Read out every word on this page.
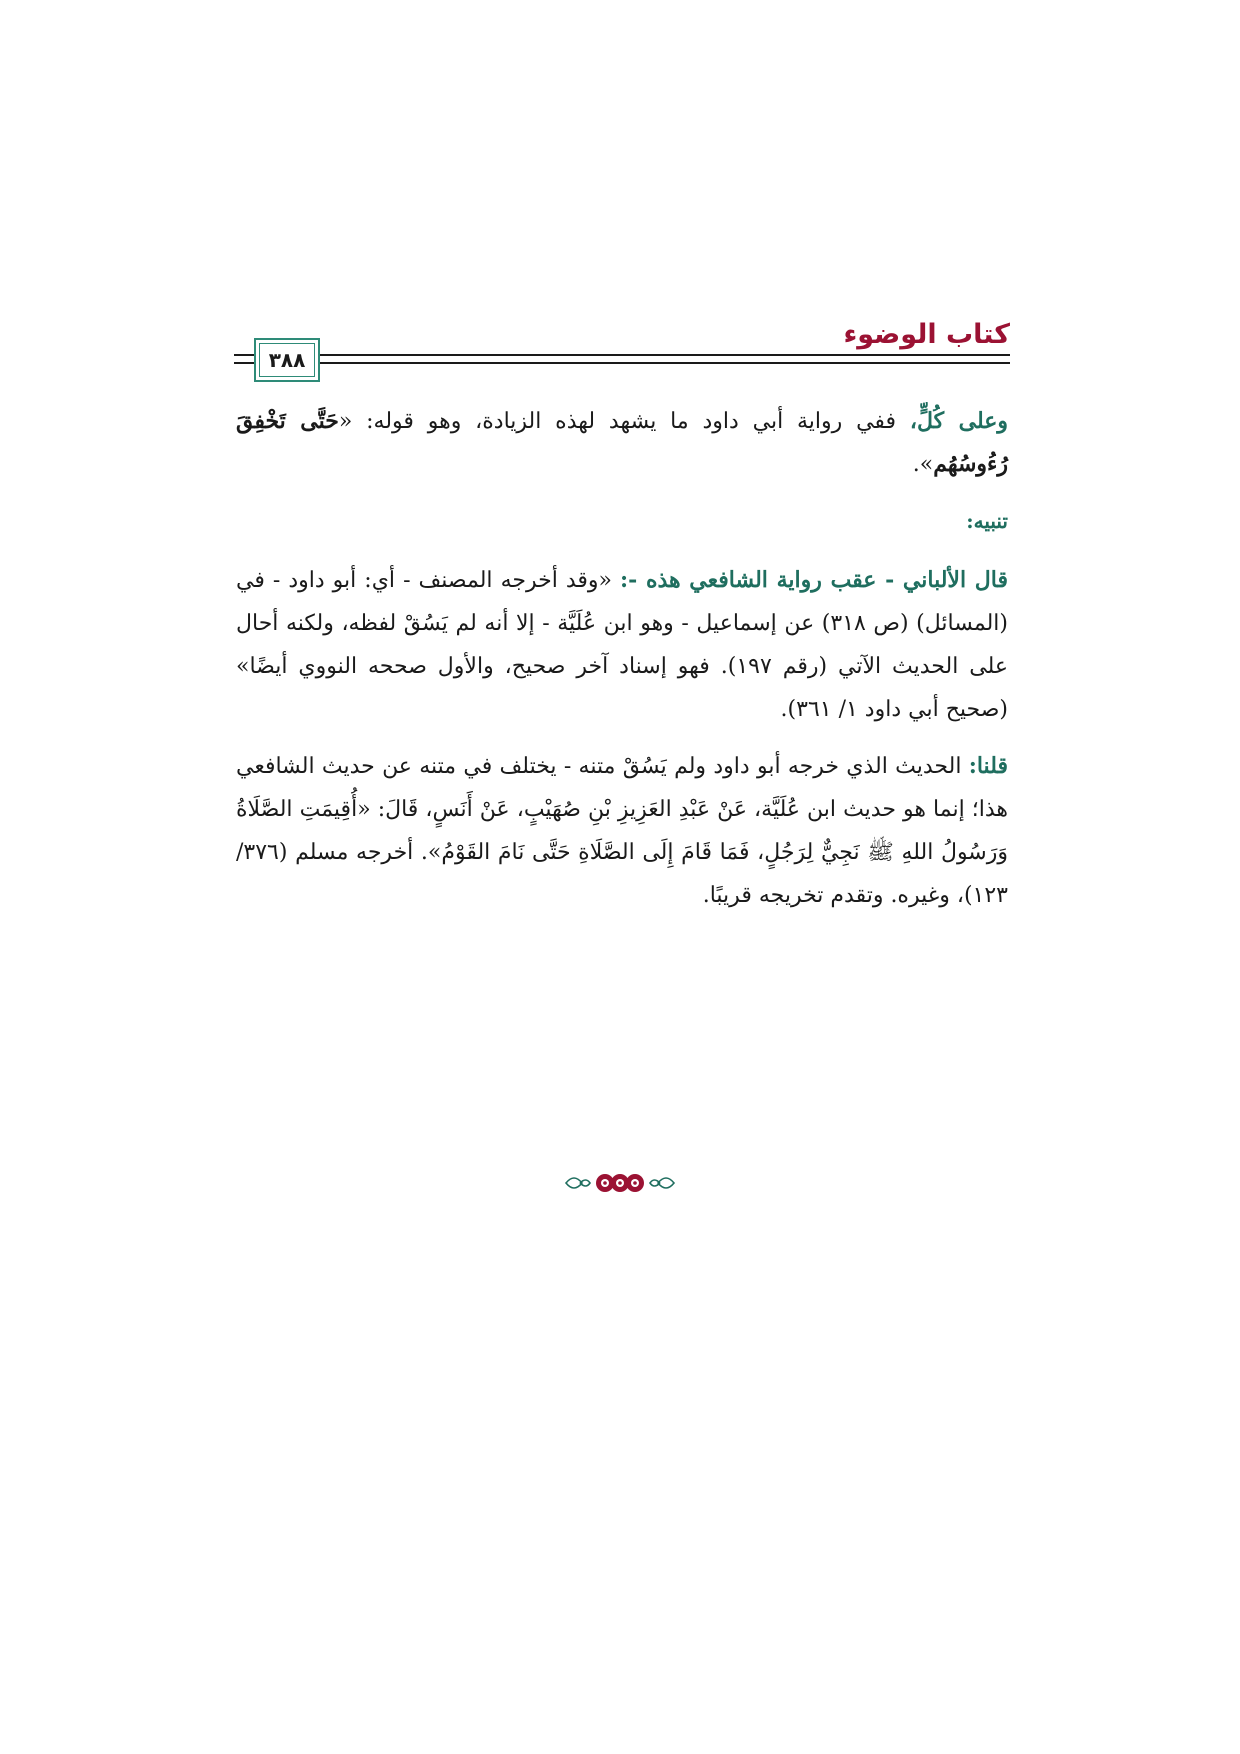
كتاب الوضوء
٣٨٨

وعلى كُلٍّ، ففي رواية أبي داود ما يشهد لهذه الزيادة، وهو قوله: «حَتَّى تَخْفِقَ رُءُوسُهُم».

تنبيه:

قال الألباني - عقب رواية الشافعي هذه -: «وقد أخرجه المصنف - أي: أبو داود - في (المسائل) (ص ٣١٨) عن إسماعيل - وهو ابن عُلَيَّة - إلا أنه لم يَسُقْ لفظه، ولكنه أحال على الحديث الآتي (رقم ١٩٧). فهو إسناد آخر صحيح، والأول صححه النووي أيضًا» (صحيح أبي داود ١/ ٣٦١).

قلنا: الحديث الذي خرجه أبو داود ولم يَسُقْ متنه - يختلف في متنه عن حديث الشافعي هذا؛ إنما هو حديث ابن عُلَيَّة، عَنْ عَبْدِ العَزِيزِ بْنِ صُهَيْبٍ، عَنْ أَنَسٍ، قَالَ: «أُقِيمَتِ الصَّلَاةُ وَرَسُولُ اللهِ ﷺ نَجِيٌّ لِرَجُلٍ، فَمَا قَامَ إِلَى الصَّلَاةِ حَتَّى نَامَ القَوْمُ». أخرجه مسلم (٣٧٦/ ١٢٣)، وغيره. وتقدم تخريجه قريبًا.
